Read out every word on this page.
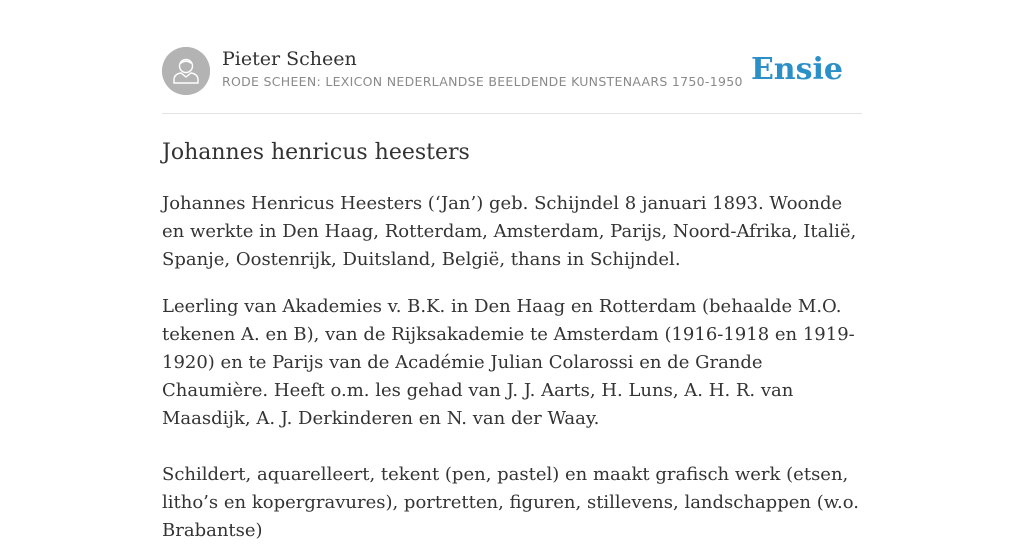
Pieter Scheen
RODE SCHEEN: LEXICON NEDERLANDSE BEELDENDE KUNSTENAARS 1750-1950 Ensie
Johannes henricus heesters

Johannes Henricus Heesters (‘Jan’) geb. Schijndel 8 januari 1893. Woonde en werkte in Den Haag, Rotterdam, Amsterdam, Parijs, Noord-Afrika, Italië, Spanje, Oostenrijk, Duitsland, België, thans in Schijndel.

Leerling van Akademies v. B.K. in Den Haag en Rotterdam (behaalde M.O. tekenen A. en B), van de Rijksakademie te Amsterdam (1916-1918 en 1919-1920) en te Parijs van de Académie Julian Colarossi en de Grande Chaumière. Heeft o.m. les gehad van J. J. Aarts, H. Luns, A. H. R. van Maasdijk, A. J. Derkinderen en N. van der Waay.

Schildert, aquarelleert, tekent (pen, pastel) en maakt grafisch werk (etsen, litho’s en kopergravures), portretten, figuren, stillevens, landschappen (w.o. Brabantse)
